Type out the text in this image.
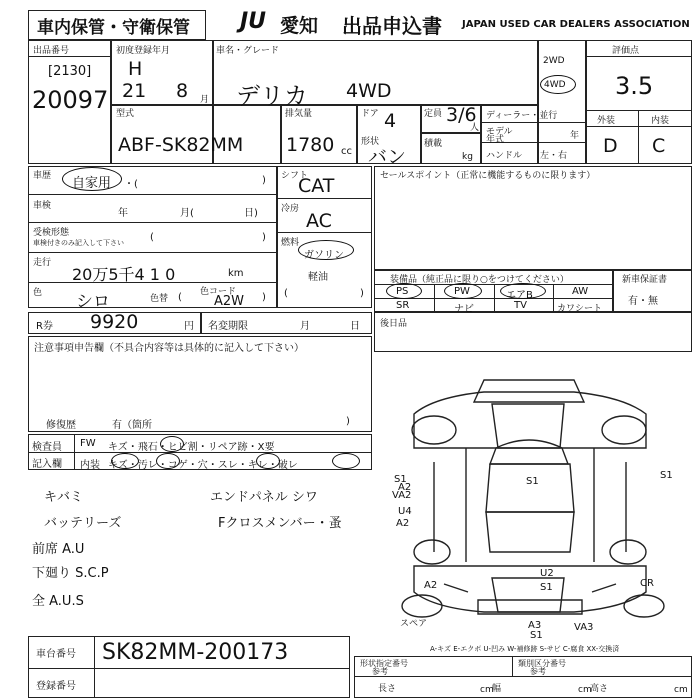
車内保管・守衛保管 JU 愛知 出品申込書 JAPAN USED CAR DEALERS ASSOCIATION
出品番号
[2130]
20097
初度登録年月
H
21 8 月
車名・グレード
デリカ 4WD
2WD
4WD
評価点
3.5
外装	内装
D C
型式
ABF-SK82MM
排気量
1780 cc
ドア 4
形状
バン
定員 3/6
人
積載
kg
ディーラー・並行
モデル
年式	年
ハンドル 左・右
車歴 自家用 ・(	)
車検
年	月(	日)
受検形態
車検付きのみ記入して下さい	(	)
走行
20万5千4 1 0	km
色 シロ	色替 (	)
色コード
A2W
シフト
CAT
冷房
AC
燃料
ガソリン
軽油
(	)
セールスポイント（正常に機能するものに限ります）
装備品（純正品に限り○をつけてください）
PS	PW	エアB	AW
SR	ナビ	TV	カワシート
新車保証書
有・無
R券 9920	円 名変期限	月	日 後日品
注意事項申告欄（不具合内容等は具体的に記入して下さい）
修復歴	有（箇所	)
検査員
記入欄
FW キズ・飛石・ヒビ割・リペア跡・X要
内装 キズ・汚レ・コゲ・穴・スレ・キレ・破レ
キバミ	エンドパネル シワ
バッテリーズ	Fクロスメンバー・蚤
前席 A.U
下廻り S.C.P
全 A.U.S
S1
S1
U2
S1
A2
S1
VA2
A2
U4
A2	CR
A3	VA3
S1
スペア
A-キズ E-エクボ U-凹み W-補修跡 S-サビ C-腐食 XX-交換済
車台番号 SK82MM-200173
登録番号
形状指定番号
参考
類別区分番号
参考
長さ	cm
幅	cm
高さ	cm
